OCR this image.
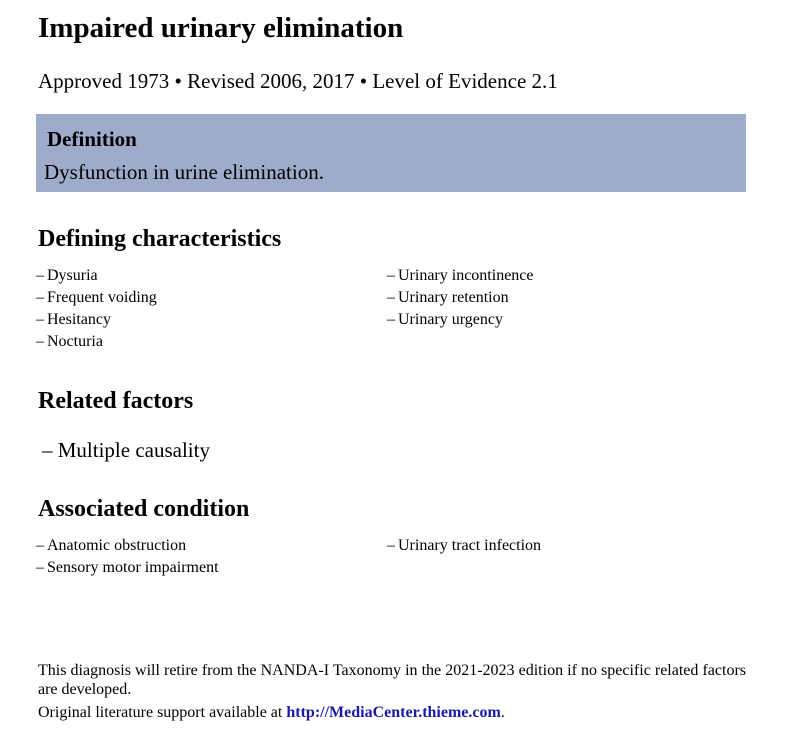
Impaired urinary elimination

Approved 1973 • Revised 2006, 2017 • Level of Evidence 2.1

Definition
Dysfunction in urine elimination.
Defining characteristics
– Dysuria
– Frequent voiding
– Hesitancy
– Nocturia
– Urinary incontinence
– Urinary retention
– Urinary urgency
Related factors
– Multiple causality
Associated condition
– Anatomic obstruction
– Sensory motor impairment
– Urinary tract infection

This diagnosis will retire from the NANDA-I Taxonomy in the 2021-2023 edition if no specific related factors are developed.

Original literature support available at http://MediaCenter.thieme.com.
